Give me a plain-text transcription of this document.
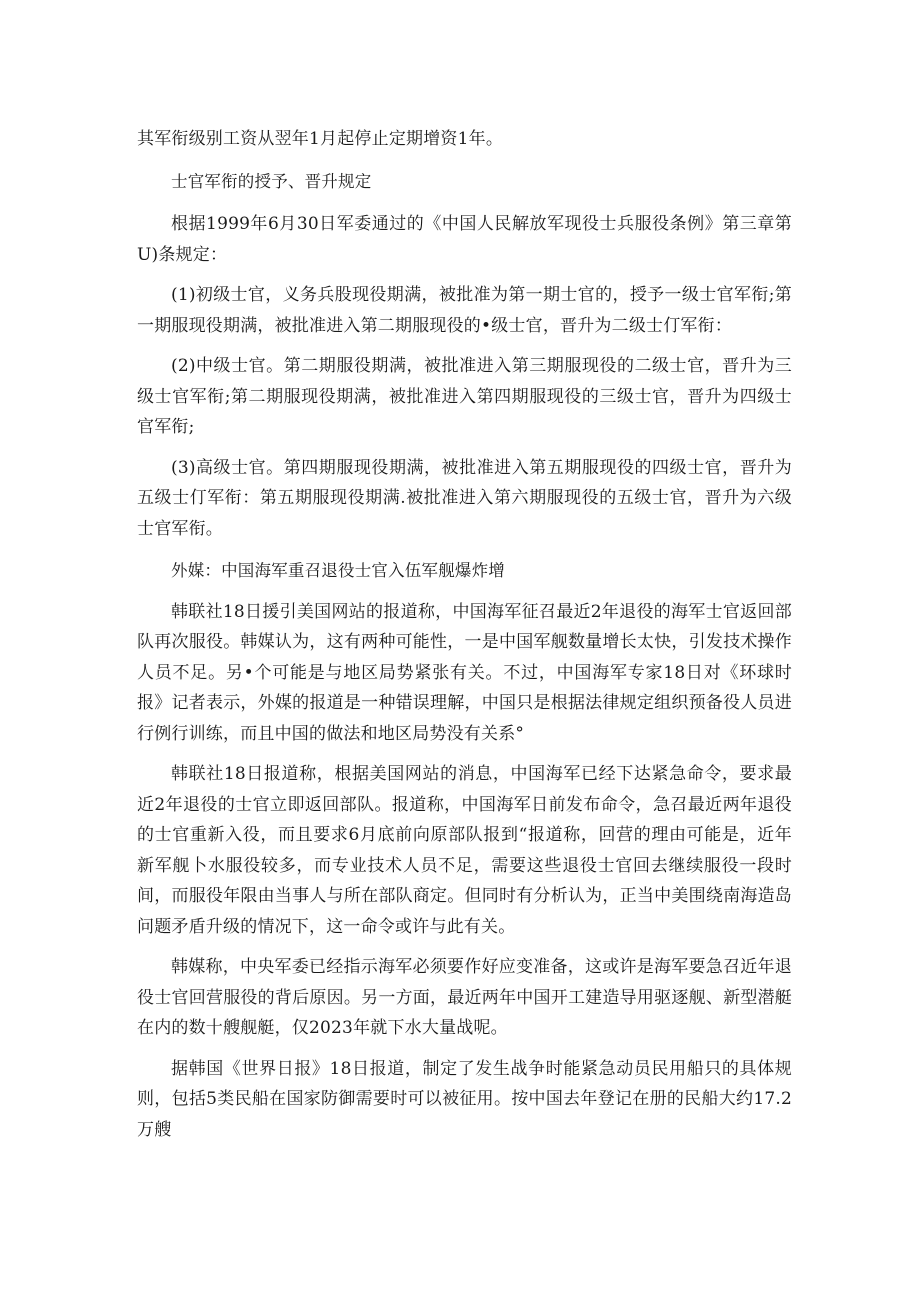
其军衔级别工资从翌年1月起停止定期增资1年。

士官军衔的授予、晋升规定

根据1999年6月30日军委通过的《中国人民解放军现役士兵服役条例》第三章第U)条规定：

(1)初级士官，义务兵股现役期满，被批准为第一期士官的，授予一级士官军衔;第一期服现役期满，被批准进入第二期服现役的•级士官，晋升为二级士仃军衔：

(2)中级士官。第二期服役期满，被批准进入第三期服现役的二级士官，晋升为三级士官军衔;第二期服现役期满，被批准进入第四期服现役的三级士官，晋升为四级士官军衔;

(3)高级士官。第四期服现役期满，被批准进入第五期服现役的四级士官，晋升为五级士仃军衔：第五期服现役期满.被批准进入第六期服现役的五级士官，晋升为六级士官军衔。

外媒：中国海军重召退役士官入伍军舰爆炸增

韩联社18日援引美国网站的报道称，中国海军征召最近2年退役的海军士官返回部队再次服役。韩媒认为，这有两种可能性，一是中国军舰数量增长太快，引发技术操作人员不足。另•个可能是与地区局势紧张有关。不过，中国海军专家18日对《环球时报》记者表示，外媒的报道是一种错误理解，中国只是根据法律规定组织预备役人员进行例行训练，而且中国的做法和地区局势没有关系°

韩联社18日报道称，根据美国网站的消息，中国海军已经下达紧急命令，要求最近2年退役的士官立即返回部队。报道称，中国海军日前发布命令，急召最近两年退役的士官重新入役，而且要求6月底前向原部队报到“报道称，回营的理由可能是，近年新军舰卜水服役较多，而专业技术人员不足，需要这些退役士官回去继续服役一段时间，而服役年限由当事人与所在部队商定。但同时有分析认为，正当中美围绕南海造岛问题矛盾升级的情况下，这一命令或许与此有关。

韩媒称，中央军委已经指示海军必须要作好应变准备，这或许是海军要急召近年退役士官回营服役的背后原因。另一方面，最近两年中国开工建造导用驱逐舰、新型潜艇在内的数十艘舰艇，仅2023年就下水大量战呢。

据韩国《世界日报》18日报道，制定了发生战争时能紧急动员民用船只的具体规则，包括5类民船在国家防御需要时可以被征用。按中国去年登记在册的民船大约17.2万艘
